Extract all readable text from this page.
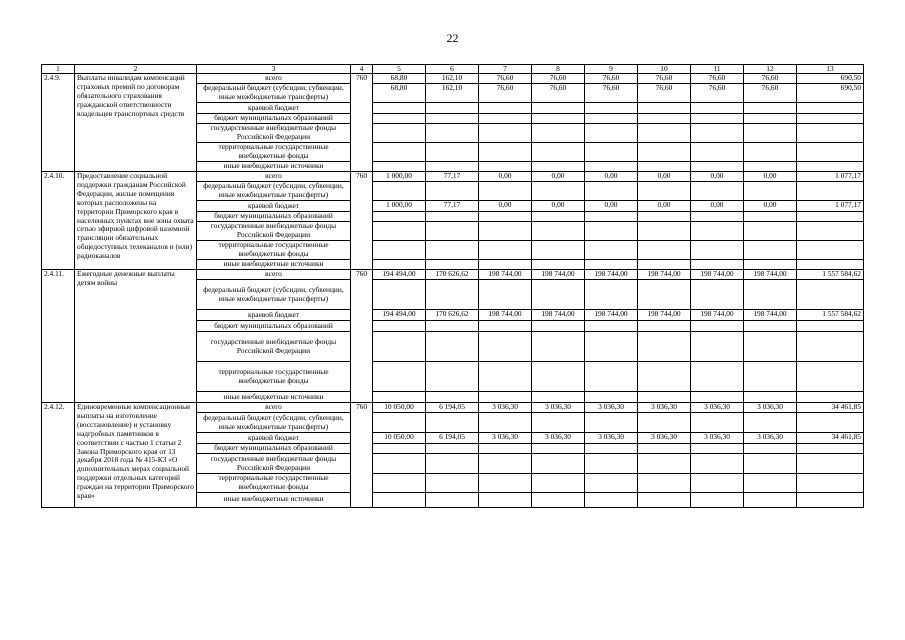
22
1	2	3	4	5	6	7	8	9	10	11	12	13
2.4.9.	Выплаты инвалидам компенсаций страховых премий по договорам обязательного страхования гражданской ответственности владельцев транспортных средств	всего	760	68,80	162,10	76,60	76,60	76,60	76,60	76,60	76,60	690,50
		федеральный бюджет (субсидии, субвенции, иные межбюджетные трансферты)		68,80	162,10	76,60	76,60	76,60	76,60	76,60	76,60	690,50
		краевой бюджет										
		бюджет муниципальных образований										
		государственные внебюджетные фонды Российской Федерации										
		территориальные государственные внебюджетные фонды										
		иные внебюджетные источники										
2.4.10.	Предоставление социальной поддержки гражданам Российской Федерации, жилые помещения которых расположены на территории Приморского края в населенных пунктах вне зоны охвата сетью эфирной цифровой наземной трансляции обязательных общедоступных телеканалов и (или) радиоканалов	всего	760	1 000,00	77,17	0,00	0,00	0,00	0,00	0,00	0,00	1 077,17
		федеральный бюджет (субсидии, субвенции, иные межбюджетные трансферты)										
		краевой бюджет		1 000,00	77,17	0,00	0,00	0,00	0,00	0,00	0,00	1 077,17
		бюджет муниципальных образований										
		государственные внебюджетные фонды Российской Федерации										
		территориальные государственные внебюджетные фонды										
		иные внебюджетные источники										
2.4.11.	Ежегодные денежные выплаты детям войны	всего	760	194 494,00	170 626,62	198 744,00	198 744,00	198 744,00	198 744,00	198 744,00	198 744,00	1 557 584,62
		федеральный бюджет (субсидии, субвенции, иные межбюджетные трансферты)										
		краевой бюджет		194 494,00	170 626,62	198 744,00	198 744,00	198 744,00	198 744,00	198 744,00	198 744,00	1 557 584,62
		бюджет муниципальных образований										
		государственные внебюджетные фонды Российской Федерации										
		территориальные государственные внебюджетные фонды										
		иные внебюджетные источники										
2.4.12.	Единовременные компенсационные выплаты на изготовление (восстановление) и установку надгробных памятников в соответствии с частью 1 статьи 2 Закона Приморского края от 13 декабря 2018 года № 415-КЗ «О дополнительных мерах социальной поддержки отдельных категорий граждан на территории Приморского края»	всего	760	10 050,00	6 194,05	3 036,30	3 036,30	3 036,30	3 036,30	3 036,30	3 036,30	34 461,85
		федеральный бюджет (субсидии, субвенции, иные межбюджетные трансферты)										
		краевой бюджет		10 050,00	6 194,05	3 036,30	3 036,30	3 036,30	3 036,30	3 036,30	3 036,30	34 461,85
		бюджет муниципальных образований										
		государственные внебюджетные фонды Российской Федерации										
		территориальные государственные внебюджетные фонды										
		иные внебюджетные источники										
